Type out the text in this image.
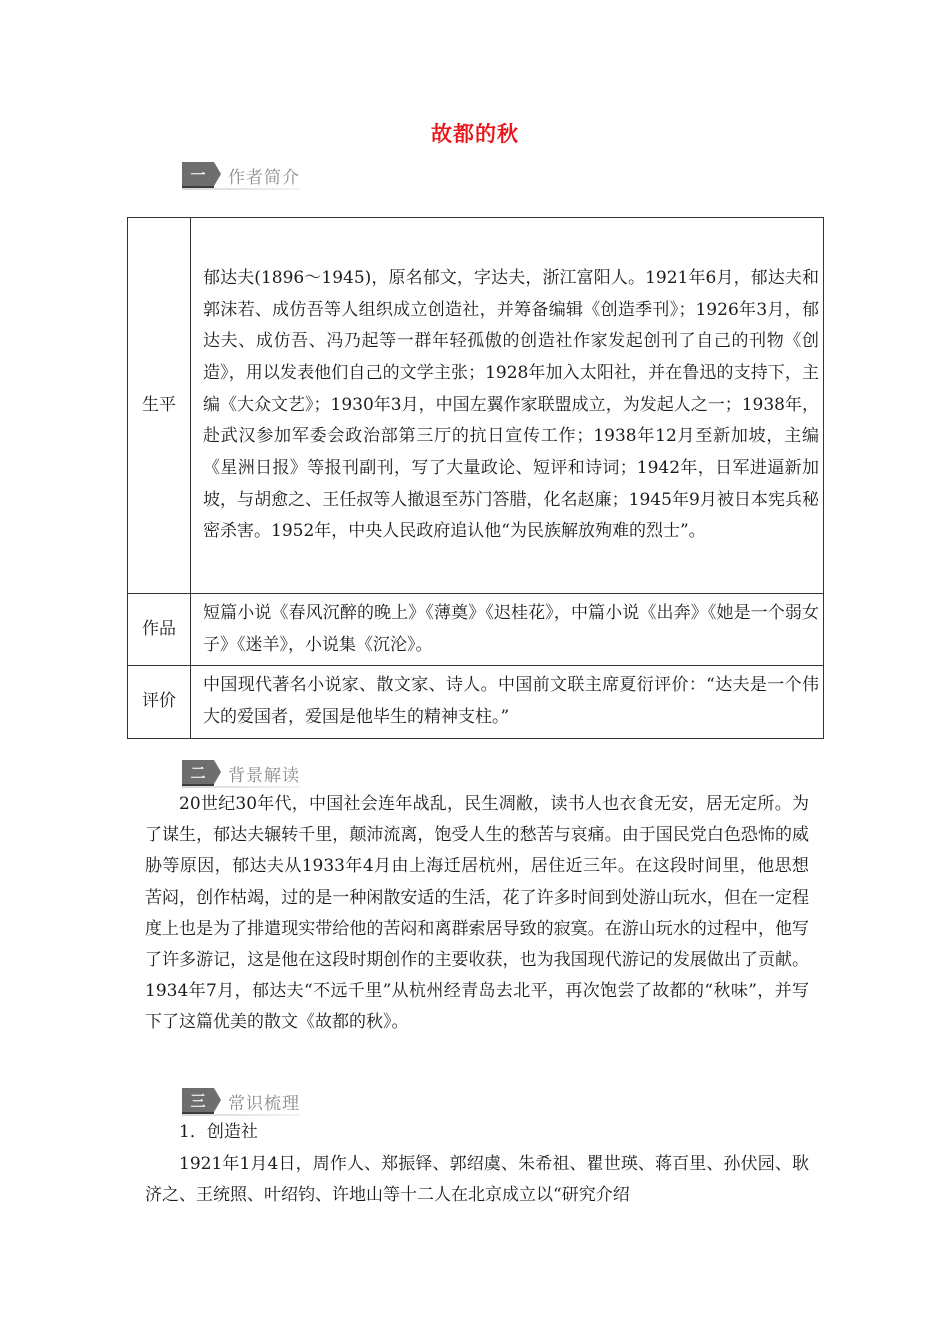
故都的秋
一 作者简介
生平	郁达夫(1896～1945)，原名郁文，字达夫，浙江富阳人。1921年6月，郁达夫和郭沫若、成仿吾等人组织成立创造社，并筹备编辑《创造季刊》；1926年3月，郁达夫、成仿吾、冯乃起等一群年轻孤傲的创造社作家发起创刊了自己的刊物《创造》，用以发表他们自己的文学主张；1928年加入太阳社，并在鲁迅的支持下，主编《大众文艺》；1930年3月，中国左翼作家联盟成立，为发起人之一；1938年，赴武汉参加军委会政治部第三厅的抗日宣传工作；1938年12月至新加坡，主编《星洲日报》等报刊副刊，写了大量政论、短评和诗词；1942年，日军进逼新加坡，与胡愈之、王任叔等人撤退至苏门答腊，化名赵廉；1945年9月被日本宪兵秘密杀害。1952年，中央人民政府追认他“为民族解放殉难的烈士”。
作品	短篇小说《春风沉醉的晚上》《薄奠》《迟桂花》，中篇小说《出奔》《她是一个弱女子》《迷羊》，小说集《沉沦》。
评价	中国现代著名小说家、散文家、诗人。中国前文联主席夏衍评价：“达夫是一个伟大的爱国者，爱国是他毕生的精神支柱。”
二 背景解读
20世纪30年代，中国社会连年战乱，民生凋敝，读书人也衣食无安，居无定所。为了谋生，郁达夫辗转千里，颠沛流离，饱受人生的愁苦与哀痛。由于国民党白色恐怖的威胁等原因，郁达夫从1933年4月由上海迁居杭州，居住近三年。在这段时间里，他思想苦闷，创作枯竭，过的是一种闲散安适的生活，花了许多时间到处游山玩水，但在一定程度上也是为了排遣现实带给他的苦闷和离群索居导致的寂寞。在游山玩水的过程中，他写了许多游记，这是他在这段时期创作的主要收获，也为我国现代游记的发展做出了贡献。1934年7月，郁达夫“不远千里”从杭州经青岛去北平，再次饱尝了故都的“秋味”，并写下了这篇优美的散文《故都的秋》。
三 常识梳理
1．创造社
1921年1月4日，周作人、郑振铎、郭绍虞、朱希祖、瞿世瑛、蒋百里、孙伏园、耿济之、王统照、叶绍钧、许地山等十二人在北京成立以“研究介绍
